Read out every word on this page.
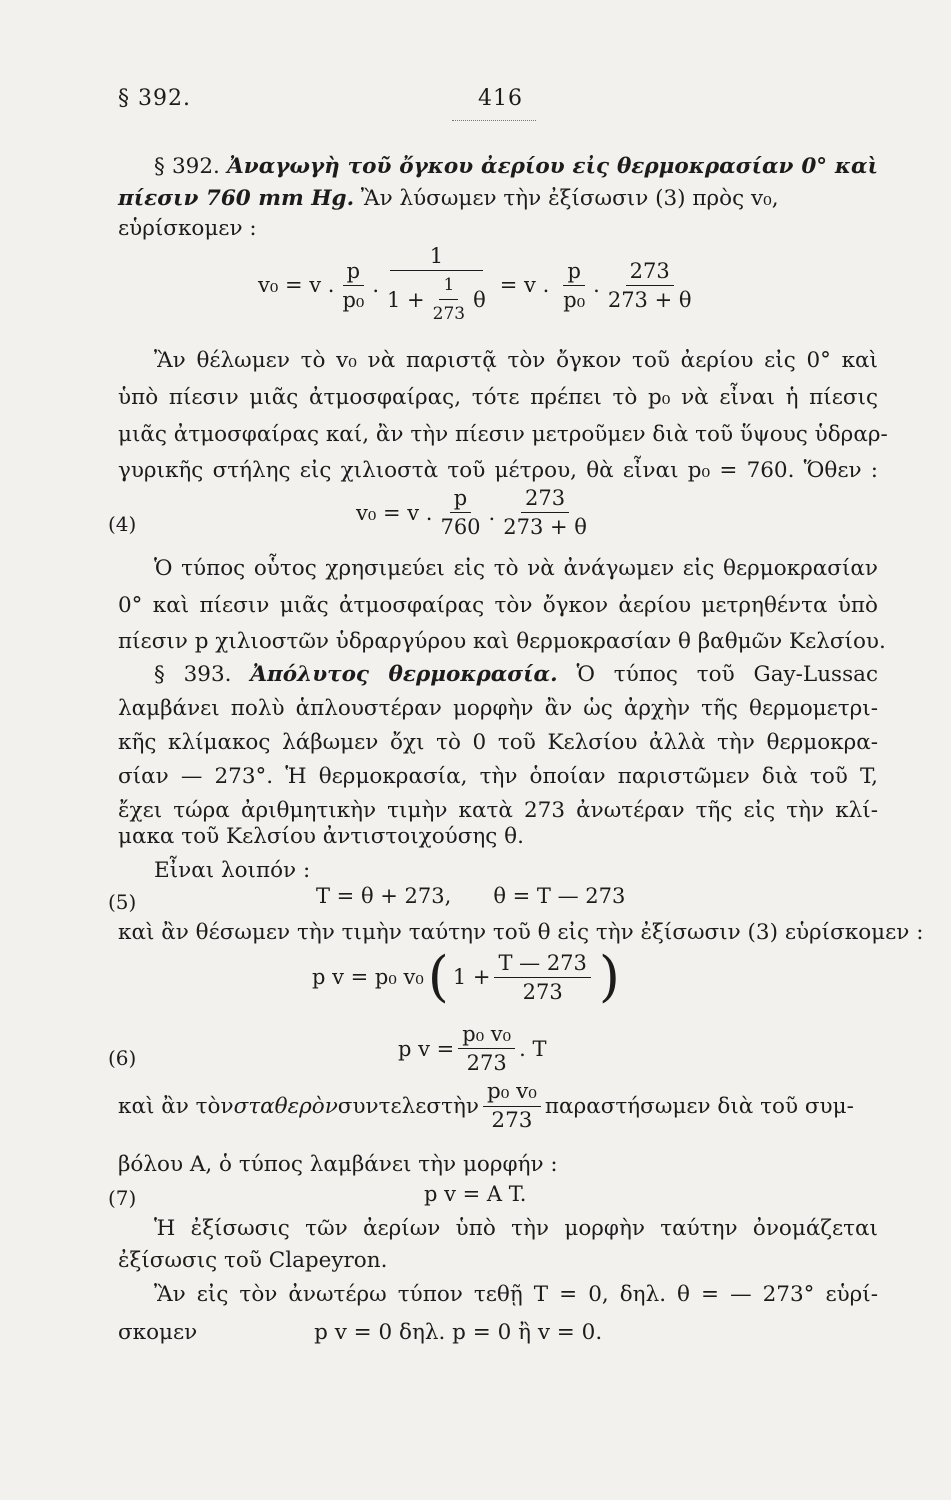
§ 392.	416
§ 392. Ἀναγωγὴ τοῦ ὄγκου ἀερίου εἰς θερμοκρασίαν 0° καὶ
πίεσιν 760 mm Hg. Ἂν λύσωμεν τὴν ἐξίσωσιν (3) πρὸς v₀,
εὑρίσκομεν :
v₀ = v . $\frac{p}{\text{p₀}}$ . $\frac{1}{1 + \frac{1}{273} \theta} = v$ . $\frac{p}{\text{p₀}}$ . $\frac{273}{273 + \theta}$
Ἂν θέλωμεν τὸ v₀ νὰ παριστᾷ τὸν ὄγκον τοῦ ἀερίου εἰς 0° καὶ
ὑπὸ πίεσιν μιᾶς ἀτμοσφαίρας, τότε πρέπει τὸ p₀ νὰ εἶναι ἡ πίεσις
μιᾶς ἀτμοσφαίρας καί, ἂν τὴν πίεσιν μετροῦμεν διὰ τοῦ ὕψους ὑδραρ-
γυρικῆς στήλης εἰς χιλιοστὰ τοῦ μέτρου, θὰ εἶναι p₀ = 760. Ὅθεν :
(4)	v₀ = v . $\frac{p}{760}$ . $\frac{273}{273 + \theta}$
Ὁ τύπος οὗτος χρησιμεύει εἰς τὸ νὰ ἀνάγωμεν εἰς θερμοκρασίαν
0° καὶ πίεσιν μιᾶς ἀτμοσφαίρας τὸν ὄγκον ἀερίου μετρηθέντα ὑπὸ
πίεσιν p χιλιοστῶν ὑδραργύρου καὶ θερμοκρασίαν θ βαθμῶν Κελσίου.
§ 393. Ἀπόλυτος θερμοκρασία. Ὁ τύπος τοῦ Gay-Lussac
λαμβάνει πολὺ ἁπλουστέραν μορφὴν ἂν ὡς ἀρχὴν τῆς θερμομετρι-
κῆς κλίμακος λάβωμεν ὄχι τὸ 0 τοῦ Κελσίου ἀλλὰ τὴν θερμοκρα-
σίαν — 273°. Ἡ θερμοκρασία, τὴν ὁποίαν παριστῶμεν διὰ τοῦ T,
ἔχει τώρα ἀριθμητικὴν τιμὴν κατὰ 273 ἀνωτέραν τῆς εἰς τὴν κλί-
μακα τοῦ Κελσίου ἀντιστοιχούσης θ.
Εἶναι λοιπόν :
(5)	T = θ + 273, θ = T — 273
καὶ ἂν θέσωμεν τὴν τιμὴν ταύτην τοῦ θ εἰς τὴν ἐξίσωσιν (3) εὑρίσκομεν :
p v = p₀ v₀ ( $1 + \frac{T — 273}{273}$ )
(6)	p $v = \frac{\text{p₀ v₀}}{273}$ . T
καὶ ἂν τὸν σταθερὸν συντελεστὴν $\frac{\text{p₀ v₀}}{273}$ παραστήσωμεν διὰ τοῦ συμ-
βόλου A, ὁ τύπος λαμβάνει τὴν μορφήν :
(7)	p v = A T.
Ἡ ἐξίσωσις τῶν ἀερίων ὑπὸ τὴν μορφὴν ταύτην ὀνομάζεται
ἐξίσωσις τοῦ Clapeyron.
Ἂν εἰς τὸν ἀνωτέρω τύπον τεθῇ T = 0, δηλ. θ = — 273° εὑρί-
σκομεν	p v = 0 δηλ. p = 0 ἢ v = 0.
